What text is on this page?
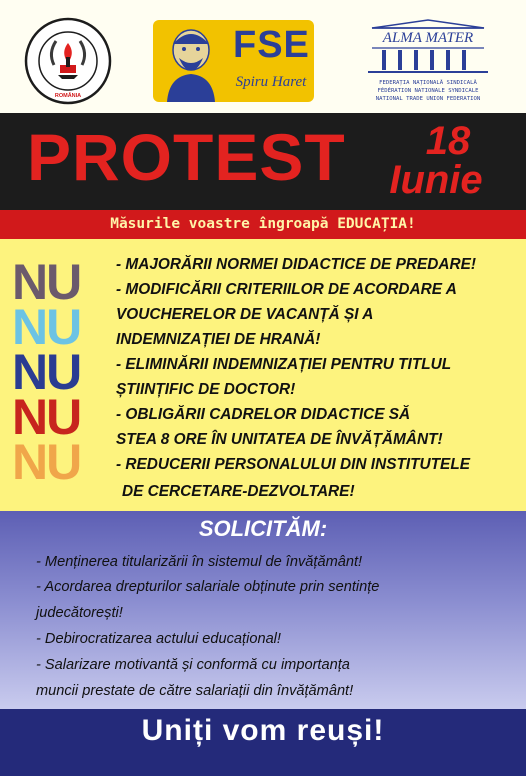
ROMÂNIA
FSE
Spiru Haret
ALMA MATER
FEDERAȚIA NAȚIONALĂ SINDICALĂ
FÉDÉRATION NATIONALE SYNDICALE
NATIONAL TRADE UNION FEDERATION
PROTEST	18
Iunie
Măsurile voastre îngroapă EDUCAȚIA!
NU
NU
NU
NU
NU
- MAJORĂRII NORMEI DIDACTICE DE PREDARE!
- MODIFICĂRII CRITERIILOR DE ACORDARE A
VOUCHERELOR DE VACANȚĂ ȘI A
INDEMNIZAȚIEI DE HRANĂ!
- ELIMINĂRII INDEMNIZAȚIEI PENTRU TITLUL
ȘTIINȚIFIC DE DOCTOR!
- OBLIGĂRII CADRELOR DIDACTICE SĂ
STEA 8 ORE ÎN UNITATEA DE ÎNVĂȚĂMÂNT!
- REDUCERII PERSONALULUI DIN INSTITUTELE
DE CERCETARE-DEZVOLTARE!
SOLICITĂM:
- Menținerea titularizării în sistemul de învățământ!
- Acordarea drepturilor salariale obținute prin sentințe
judecătorești!
- Debirocratizarea actului educațional!
- Salarizare motivantă și conformă cu importanța
muncii prestate de către salariații din învățământ!
Uniți vom reuși!
